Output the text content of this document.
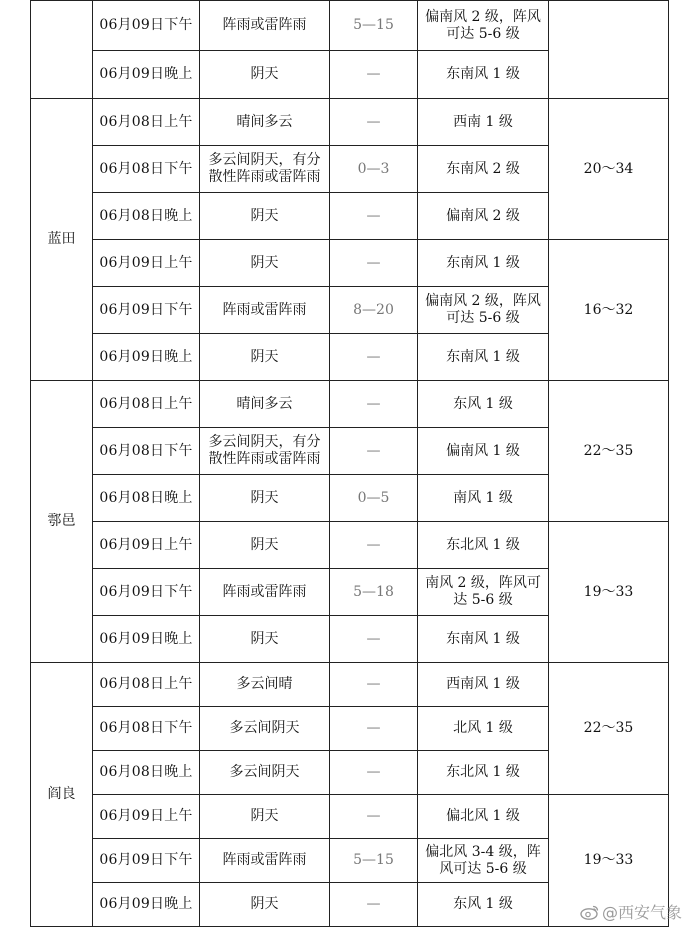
	06月09日下午	阵雨或雷阵雨	5—15	偏南风 2 级，阵风可达 5-6 级	
	06月09日晚上	阴天	—	东南风 1 级	
蓝田	06月08日上午	晴间多云	—	西南 1 级	20～34
	06月08日下午	多云间阴天，有分散性阵雨或雷阵雨	0—3	东南风 2 级	
	06月08日晚上	阴天	—	偏南风 2 级	
	06月09日上午	阴天	—	东南风 1 级	16～32
	06月09日下午	阵雨或雷阵雨	8—20	偏南风 2 级，阵风可达 5-6 级	
	06月09日晚上	阴天	—	东南风 1 级	
鄠邑	06月08日上午	晴间多云	—	东风 1 级	22～35
	06月08日下午	多云间阴天，有分散性阵雨或雷阵雨	—	偏南风 1 级	
	06月08日晚上	阴天	0—5	南风 1 级	
	06月09日上午	阴天	—	东北风 1 级	19～33
	06月09日下午	阵雨或雷阵雨	5—18	南风 2 级，阵风可达 5-6 级	
	06月09日晚上	阴天	—	东南风 1 级	
阎良	06月08日上午	多云间晴	—	西南风 1 级	22～35
	06月08日下午	多云间阴天	—	北风 1 级	
	06月08日晚上	多云间阴天	—	东北风 1 级	
	06月09日上午	阴天	—	偏北风 1 级	19～33
	06月09日下午	阵雨或雷阵雨	5—15	偏北风 3-4 级，阵风可达 5-6 级	
	06月09日晚上	阴天	—	东风 1 级		@西安气象
